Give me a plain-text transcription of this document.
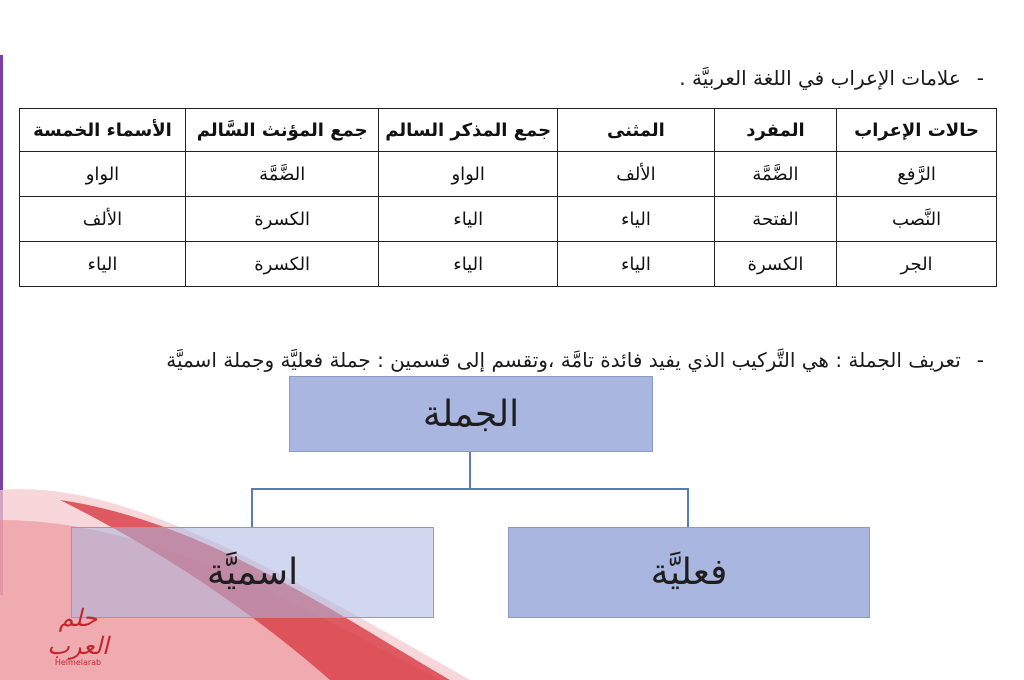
-علامات الإعراب في اللغة العربيَّة .
حالات الإعراب	المفرد	المثنى	جمع المذكر السالم	جمع المؤنث السَّالم	الأسماء الخمسة
الرَّفع	الضَّمَّة	الألف	الواو	الضَّمَّة	الواو
النَّصب	الفتحة	الياء	الياء	الكسرة	الألف
الجر	الكسرة	الياء	الياء	الكسرة	الياء
-تعريف الجملة : هي التَّركيب الذي يفيد فائدة تامَّة ،وتقسم إلى قسمين : جملة فعليَّة وجملة اسميَّة
الجملة
فعليَّة
اسميَّة
حلم العرب
Helmelarab
